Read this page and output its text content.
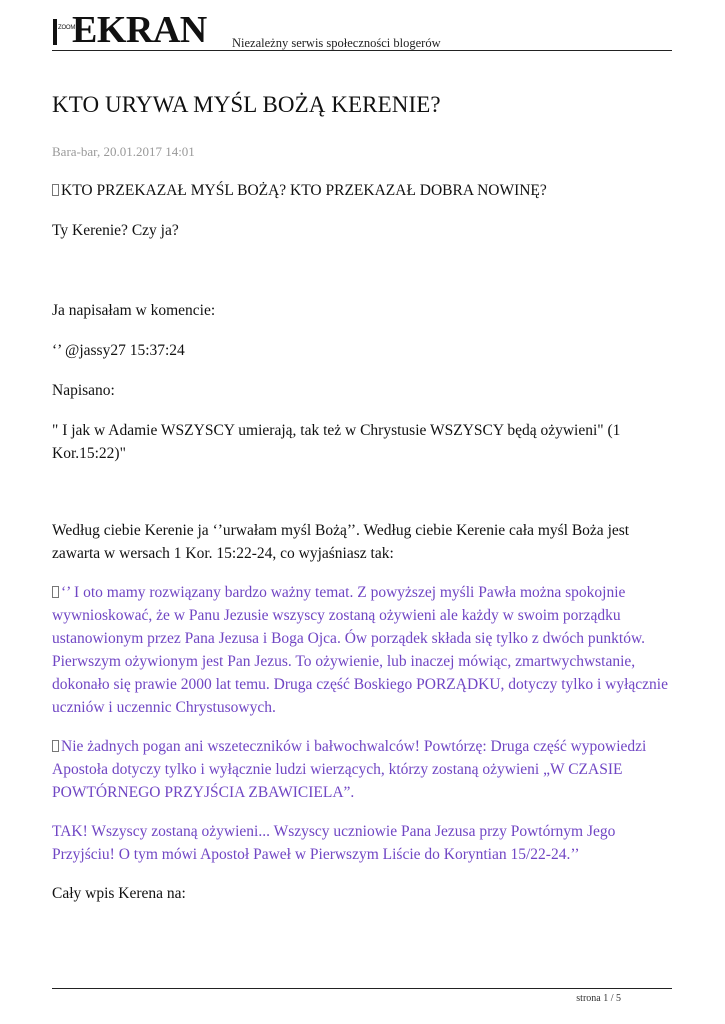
ZOOM
EKRAN Niezależny serwis społeczności blogerów
KTO URYWA MYŚL BOŻĄ KERENIE?
Bara-bar, 20.01.2017 14:01

KTO PRZEKAZAŁ MYŚL BOŻĄ? KTO PRZEKAZAŁ DOBRA NOWINĘ?

Ty Kerenie? Czy ja?

Ja napisałam w komencie:

‘’ @jassy27 15:37:24

Napisano:

" I jak w Adamie WSZYSCY umierają, tak też w Chrystusie WSZYSCY będą ożywieni" (1 Kor.15:22)"

Według ciebie Kerenie ja ‘’urwałam myśl Bożą’’. Według ciebie Kerenie cała myśl Boża jest zawarta w wersach 1 Kor. 15:22-24, co wyjaśniasz tak:

‘’ I oto mamy rozwiązany bardzo ważny temat. Z powyższej myśli Pawła można spokojnie wywnioskować, że w Panu Jezusie wszyscy zostaną ożywieni ale każdy w swoim porządku ustanowionym przez Pana Jezusa i Boga Ojca. Ów porządek składa się tylko z dwóch punktów. Pierwszym ożywionym jest Pan Jezus. To ożywienie, lub inaczej mówiąc, zmartwychwstanie, dokonało się prawie 2000 lat temu. Druga część Boskiego PORZĄDKU, dotyczy tylko i wyłącznie uczniów i uczennic Chrystusowych.

Nie żadnych pogan ani wszeteczników i bałwochwalców! Powtórzę: Druga część wypowiedzi Apostoła dotyczy tylko i wyłącznie ludzi wierzących, którzy zostaną ożywieni „W CZASIE POWTÓRNEGO PRZYJŚCIA ZBAWICIELA”.

TAK! Wszyscy zostaną ożywieni... Wszyscy uczniowie Pana Jezusa przy Powtórnym Jego Przyjściu! O tym mówi Apostoł Paweł w Pierwszym Liście do Koryntian 15/22-24.’’

Cały wpis Kerena na:

strona 1 / 5
